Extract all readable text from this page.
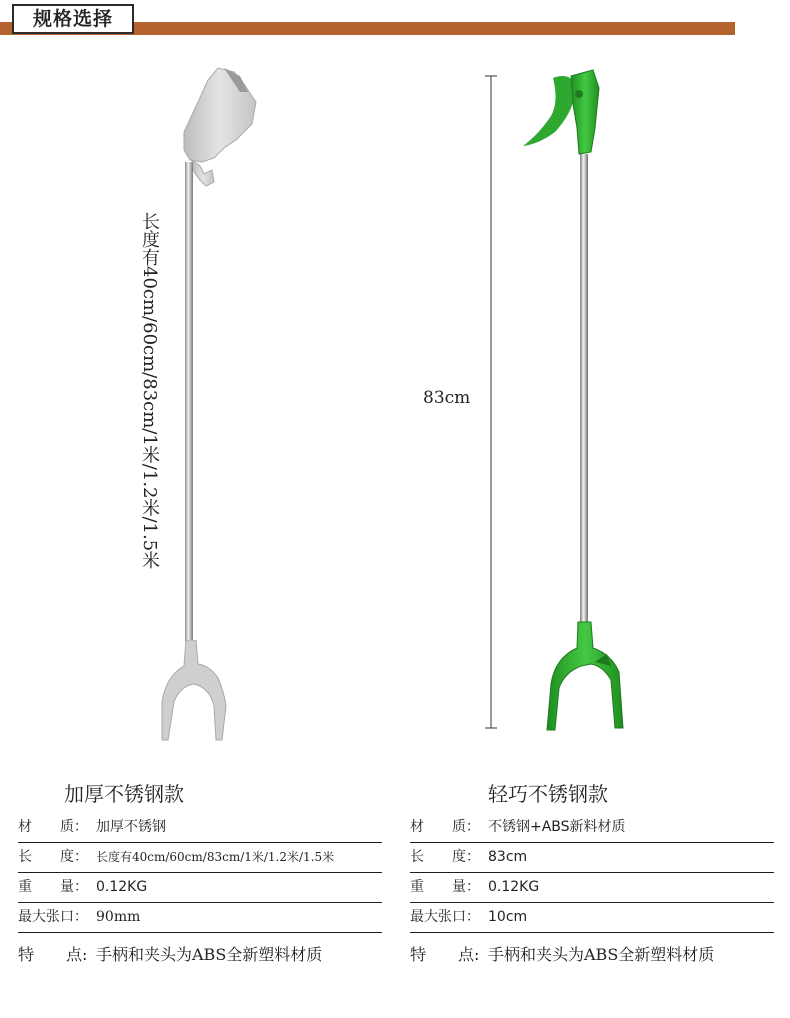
规格选择
长度有40cm/60cm/83cm/1米/1.2米/1.5米	83cm
加厚不锈钢款	轻巧不锈钢款
材　　质： 加厚不锈钢
长　　度： 长度有40cm/60cm/83cm/1米/1.2米/1.5米
重　　量： 0.12KG
最大张口： 90mm
特　　点: 手柄和夹头为ABS全新塑料材质
材　　质： 不锈钢+ABS新料材质
长　　度： 83cm
重　　量： 0.12KG
最大张口： 10cm
特　　点: 手柄和夹头为ABS全新塑料材质
